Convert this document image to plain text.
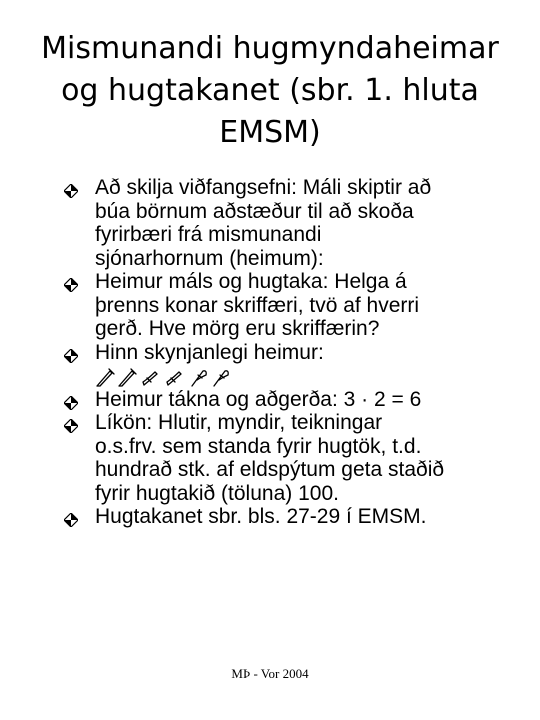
Mismunandi hugmyndaheimar
og hugtakanet (sbr. 1. hluta
EMSM)
Að skilja viðfangsefni: Máli skiptir að
búa börnum aðstæður til að skoða
fyrirbæri frá mismunandi
sjónarhornum (heimum):
Heimur máls og hugtaka: Helga á
þrenns konar skriffæri, tvö af hverri
gerð. Hve mörg eru skriffærin?
Hinn skynjanlegi heimur:
Heimur tákna og aðgerða: 3 · 2 = 6
Líkön: Hlutir, myndir, teikningar
o.s.frv. sem standa fyrir hugtök, t.d.
hundrað stk. af eldspýtum geta staðið
fyrir hugtakið (töluna) 100.
Hugtakanet sbr. bls. 27-29 í EMSM.
MÞ - Vor 2004
